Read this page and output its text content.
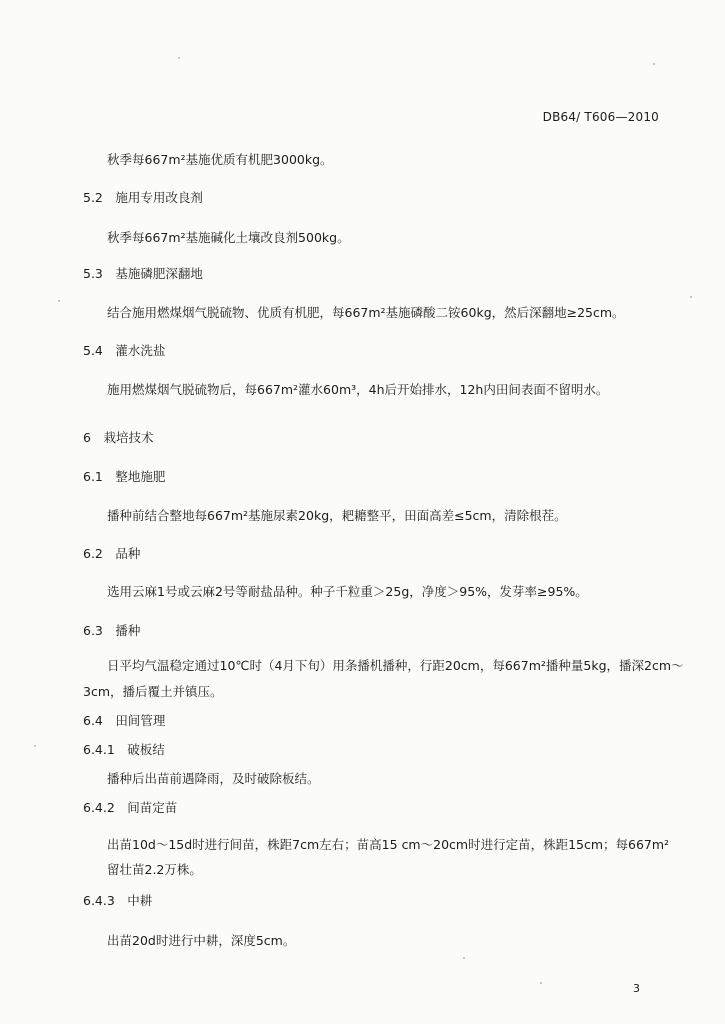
DB64/ T606—2010
秋季每667m²基施优质有机肥3000kg。
5.2　施用专用改良剂
秋季每667m²基施碱化土壤改良剂500kg。
5.3　基施磷肥深翻地
结合施用燃煤烟气脱硫物、优质有机肥，每667m²基施磷酸二铵60kg，然后深翻地≥25cm。
5.4　灌水洗盐
施用燃煤烟气脱硫物后，每667m²灌水60m³，4h后开始排水，12h内田间表面不留明水。
6　栽培技术
6.1　整地施肥
播种前结合整地每667m²基施尿素20kg，耙耱整平，田面高差≤5cm，清除根茬。
6.2　品种
选用云麻1号或云麻2号等耐盐品种。种子千粒重＞25g，净度＞95%，发芽率≥95%。
6.3　播种
日平均气温稳定通过10℃时（4月下旬）用条播机播种，行距20cm，每667m²播种量5kg，播深2cm～
3cm，播后覆土并镇压。
6.4　田间管理
6.4.1　破板结
播种后出苗前遇降雨，及时破除板结。
6.4.2　间苗定苗
出苗10d～15d时进行间苗，株距7cm左右；苗高15 cm～20cm时进行定苗，株距15cm；每667m²
留壮苗2.2万株。
6.4.3　中耕
出苗20d时进行中耕，深度5cm。
3
